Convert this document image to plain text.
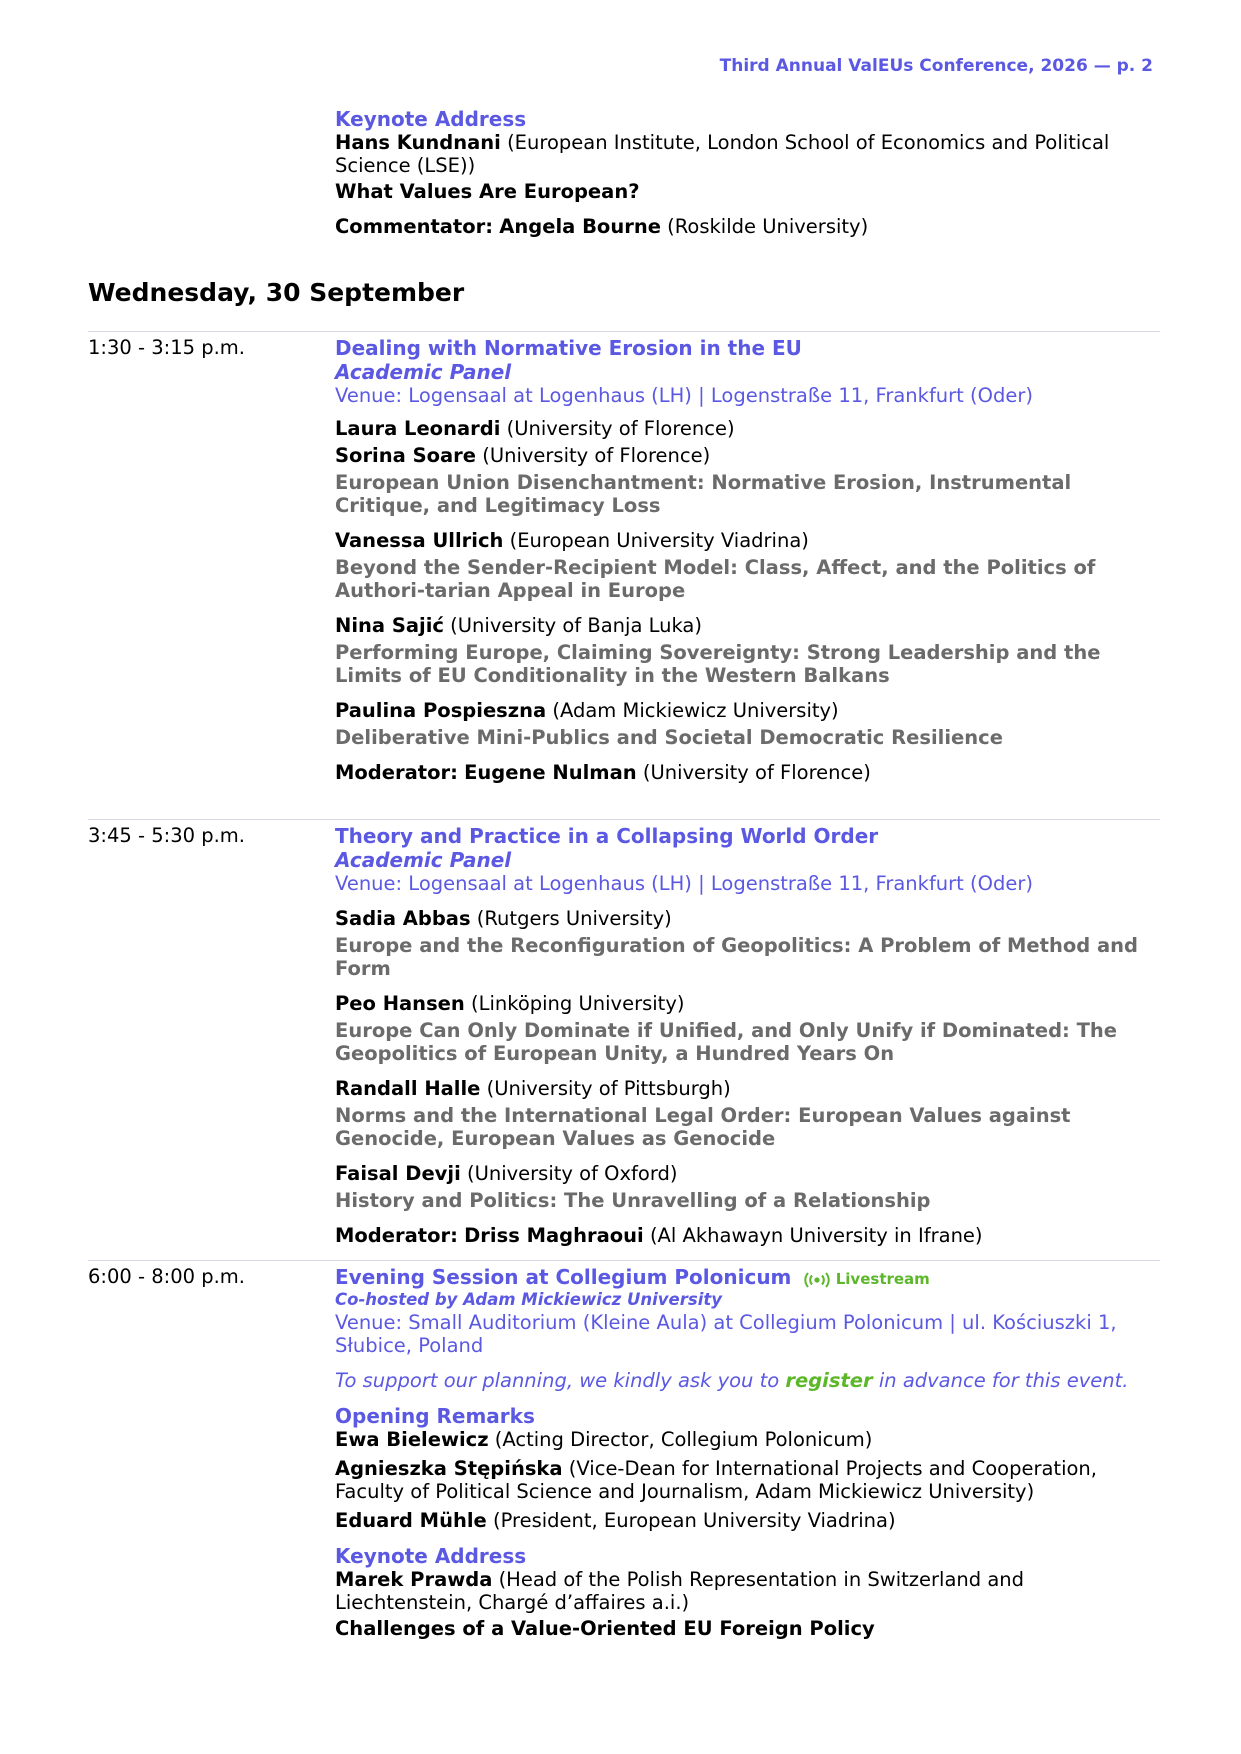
Third Annual ValEUs Conference, 2026 — p. 2
Keynote Address
Hans Kundnani (European Institute, London School of Economics and Political Science (LSE))
What Values Are European?
Commentator: Angela Bourne (Roskilde University)
Wednesday, 30 September
1:30 - 3:15 p.m.	Dealing with Normative Erosion in the EU
Academic Panel
Venue: Logensaal at Logenhaus (LH) | Logenstraße 11, Frankfurt (Oder)
Laura Leonardi (University of Florence)
Sorina Soare (University of Florence)
European Union Disenchantment: Normative Erosion, Instrumental Critique, and Legitimacy Loss
Vanessa Ullrich (European University Viadrina)
Beyond the Sender-Recipient Model: Class, Affect, and the Politics of Authori-tarian Appeal in Europe
Nina Sajić (University of Banja Luka)
Performing Europe, Claiming Sovereignty: Strong Leadership and the Limits of EU Conditionality in the Western Balkans
Paulina Pospieszna (Adam Mickiewicz University)
Deliberative Mini-Publics and Societal Democratic Resilience
Moderator: Eugene Nulman (University of Florence)
3:45 - 5:30 p.m.	Theory and Practice in a Collapsing World Order
Academic Panel
Venue: Logensaal at Logenhaus (LH) | Logenstraße 11, Frankfurt (Oder)
Sadia Abbas (Rutgers University)
Europe and the Reconfiguration of Geopolitics: A Problem of Method and Form
Peo Hansen (Linköping University)
Europe Can Only Dominate if Unified, and Only Unify if Dominated: The Geopolitics of European Unity, a Hundred Years On
Randall Halle (University of Pittsburgh)
Norms and the International Legal Order: European Values against Genocide, European Values as Genocide
Faisal Devji (University of Oxford)
History and Politics: The Unravelling of a Relationship
Moderator: Driss Maghraoui (Al Akhawayn University in Ifrane)
6:00 - 8:00 p.m.	Evening Session at Collegium Polonicum	Livestream
Co-hosted by Adam Mickiewicz University
Venue: Small Auditorium (Kleine Aula) at Collegium Polonicum | ul. Kościuszki 1, Słubice, Poland
To support our planning, we kindly ask you to register in advance for this event.
Opening Remarks
Ewa Bielewicz (Acting Director, Collegium Polonicum)
Agnieszka Stępińska (Vice-Dean for International Projects and Cooperation, Faculty of Political Science and Journalism, Adam Mickiewicz University)
Eduard Mühle (President, European University Viadrina)
Keynote Address
Marek Prawda (Head of the Polish Representation in Switzerland and Liechtenstein, Chargé d’affaires a.i.)
Challenges of a Value-Oriented EU Foreign Policy
